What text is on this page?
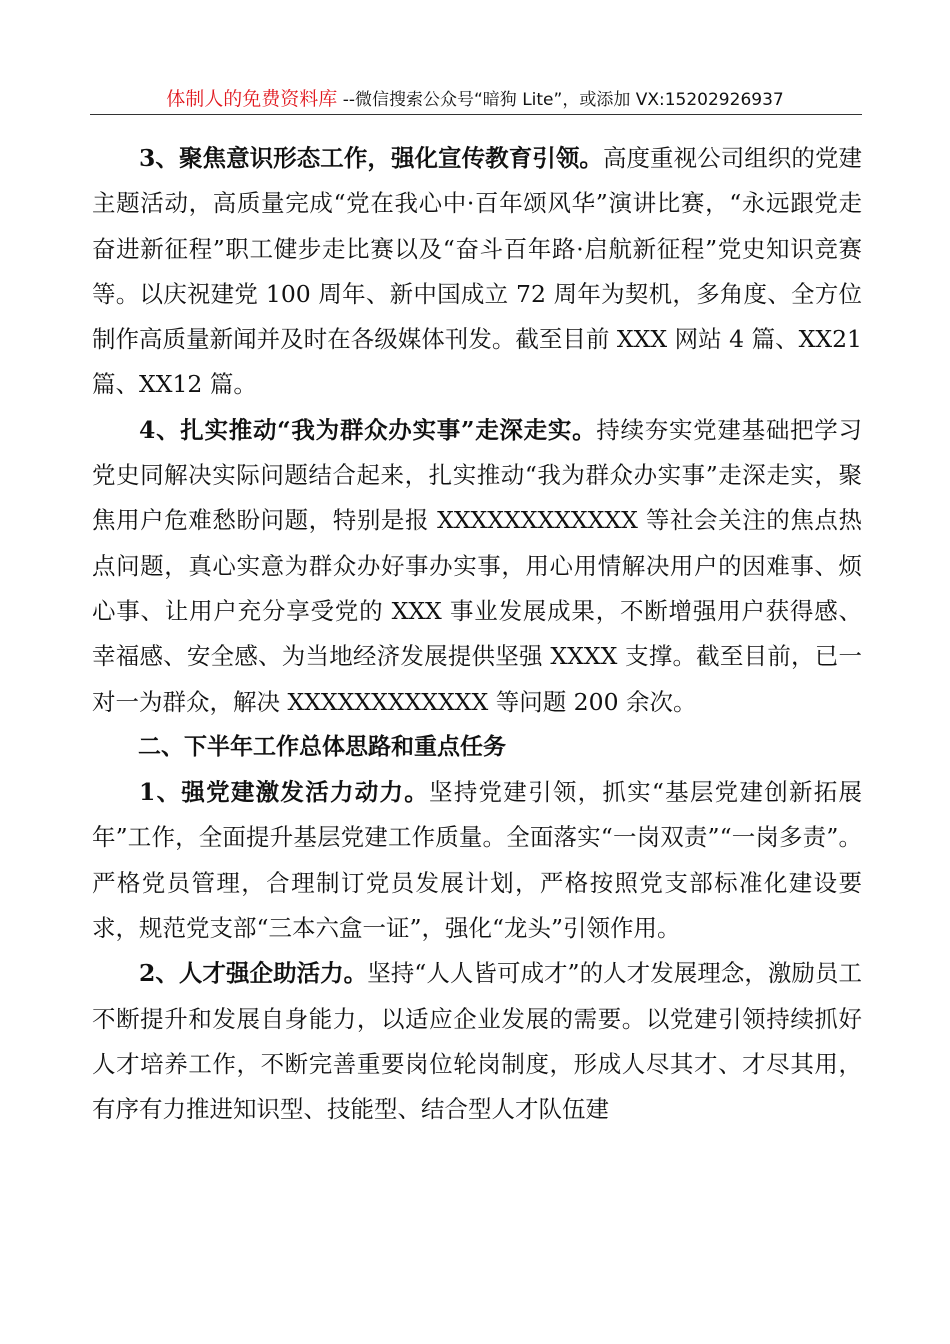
体制人的免费资料库 --微信搜索公众号“暗狗 Lite”，或添加 VX:15202926937

3、聚焦意识形态工作，强化宣传教育引领。高度重视公司组织的党建主题活动，高质量完成“党在我心中·百年颂风华”演讲比赛，“永远跟党走 奋进新征程”职工健步走比赛以及“奋斗百年路·启航新征程”党史知识竞赛等。以庆祝建党 100 周年、新中国成立 72 周年为契机，多角度、全方位制作高质量新闻并及时在各级媒体刊发。截至目前 XXX 网站 4 篇、XX21 篇、XX12 篇。

4、扎实推动“我为群众办实事”走深走实。持续夯实党建基础把学习党史同解决实际问题结合起来，扎实推动“我为群众办实事”走深走实，聚焦用户危难愁盼问题，特别是报 XXXXXXXXXXXX 等社会关注的焦点热点问题，真心实意为群众办好事办实事，用心用情解决用户的因难事、烦心事、让用户充分享受党的 XXX 事业发展成果，不断增强用户获得感、幸福感、安全感、为当地经济发展提供坚强 XXXX 支撑。截至目前，已一对一为群众，解决 XXXXXXXXXXXX 等问题 200 余次。

二、下半年工作总体思路和重点任务

1、强党建激发活力动力。坚持党建引领，抓实“基层党建创新拓展年”工作，全面提升基层党建工作质量。全面落实“一岗双责”“一岗多责”。严格党员管理，合理制订党员发展计划，严格按照党支部标准化建设要求，规范党支部“三本六盒一证”，强化“龙头”引领作用。

2、人才强企助活力。坚持“人人皆可成才”的人才发展理念，激励员工不断提升和发展自身能力，以适应企业发展的需要。以党建引领持续抓好人才培养工作，不断完善重要岗位轮岗制度，形成人尽其才、才尽其用，有序有力推进知识型、技能型、结合型人才队伍建
